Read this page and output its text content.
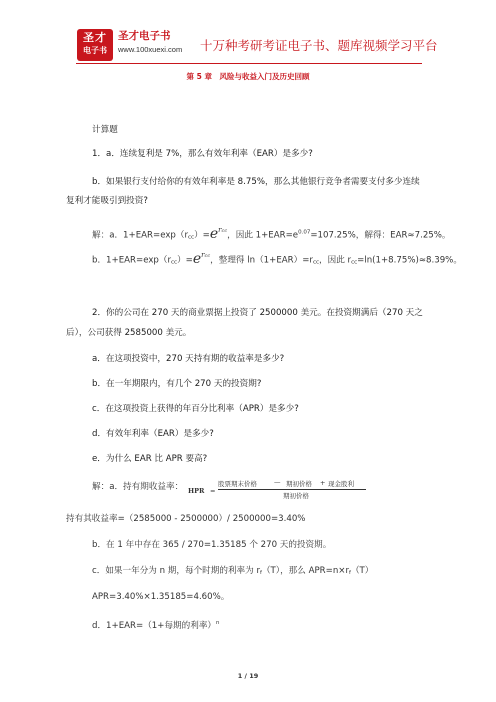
圣才
电子书
圣才电子书
www.100xuexi.com 十万种考研考证电子书、题库视频学习平台
第 5 章　风险与收益入门及历史回顾
计算题
1．a．连续复利是 7%，那么有效年利率（EAR）是多少?
b．如果银行支付给你的有效年利率是 8.75%，那么其他银行竞争者需要支付多少连续
复利才能吸引到投资?
解：a．$1+EAR=\exp(r_{cc})=e^{rcc}$，因此 $1+EAR=e^{0.07}=107.25\%$，解得：EAR≈7.25%。
b．$1+EAR=\exp(r_{cc})=e^{rcc}$，整理得 $\ln(1+EAR)=r_{cc}$，因此 $r_{cc}=\ln(1+8.75\%)\approx 8.39\%$。
2．你的公司在 270 天的商业票据上投资了 2500000 美元。在投资期满后（270 天之
后），公司获得 2585000 美元。
a．在这项投资中，270 天持有期的收益率是多少?
b．在一年期限内，有几个 270 天的投资期?
c．在这项投资上获得的年百分比利率（APR）是多少?
d．有效年利率（EAR）是多少?
e．为什么 EAR 比 APR 要高?
解：a．持有期收益率： HPR =
股票期末价格	— 期初价格 + 现金股利
期初价格
持有其收益率=（2585000 - 2500000）/ 2500000=3.40%
b．在 1 年中存在 365 / 270=1.35185 个 270 天的投资期。
c．如果一年分为 n 期，每个时期的利率为 $r_f(T)$，那么 $APR=n\times r_f(T)$
APR=3.40%×1.35185=4.60%。
d．1+EAR=（1+每期的利率）$^n$
1 / 19
